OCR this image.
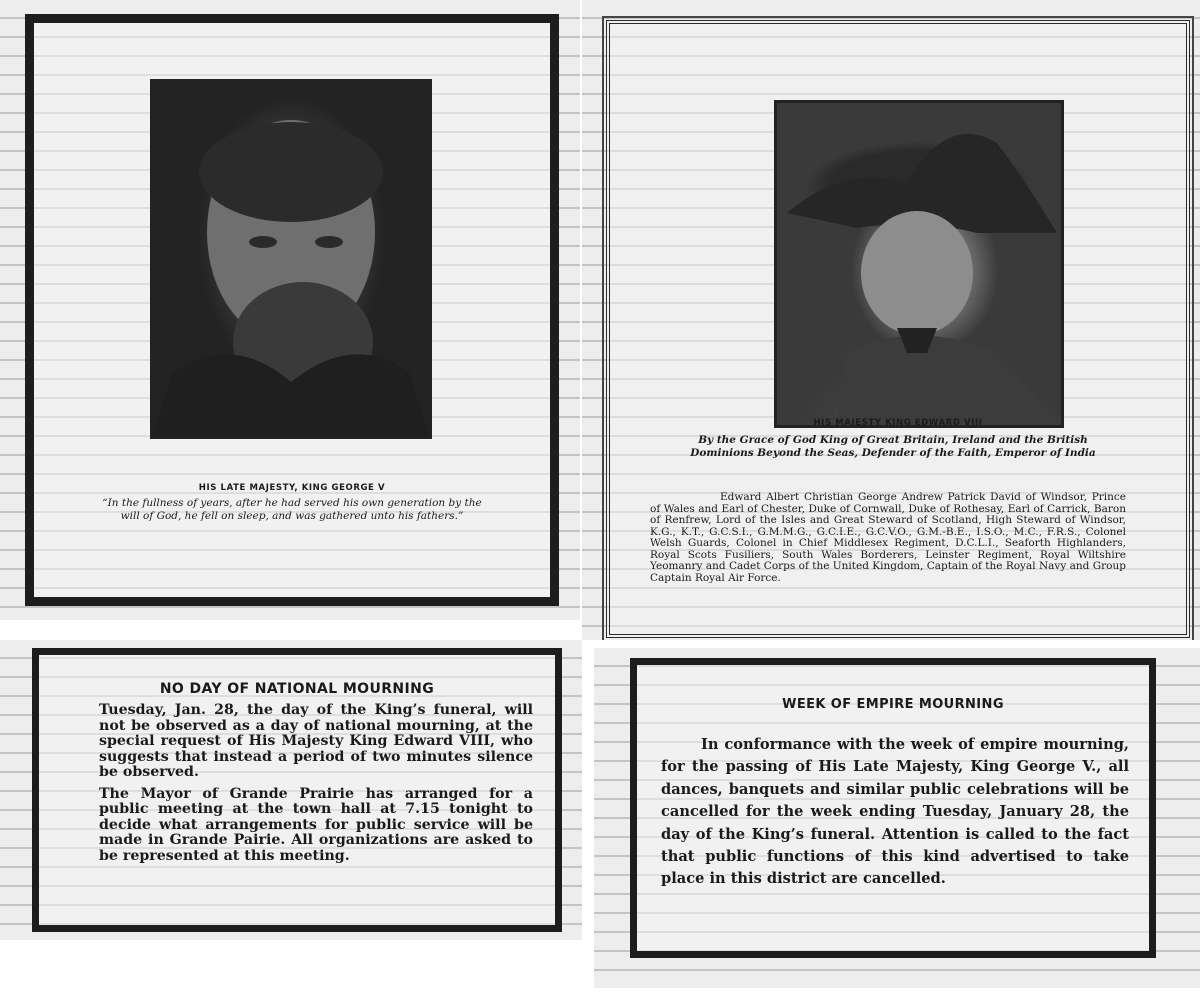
HIS LATE MAJESTY, KING GEORGE V
“In the fullness of years, after he had served his own generation by the will of God, he fell on sleep, and was gathered unto his fathers.”
HIS MAJESTY KING EDWARD VIII
By the Grace of God King of Great Britain, Ireland and the British Dominions Beyond the Seas, Defender of the Faith, Emperor of India
Edward Albert Christian George Andrew Patrick David of Windsor, Prince of Wales and Earl of Chester, Duke of Cornwall, Duke of Rothesay, Earl of Carrick, Baron of Renfrew, Lord of the Isles and Great Steward of Scotland, High Steward of Windsor, K.G., K.T., G.C.S.I., G.M.M.G., G.C.I.E., G.C.V.O., G.M.-B.E., I.S.O., M.C., F.R.S., Colonel Welsh Guards, Colonel in Chief Middlesex Regiment, D.C.L.I., Seaforth Highlanders, Royal Scots Fusiliers, South Wales Borderers, Leinster Regiment, Royal Wiltshire Yeomanry and Cadet Corps of the United Kingdom, Captain of the Royal Navy and Group Captain Royal Air Force.
NO DAY OF NATIONAL MOURNING

Tuesday, Jan. 28, the day of the King’s funeral, will not be observed as a day of national mourning, at the special request of His Majesty King Edward VIII, who suggests that instead a period of two minutes silence be observed.

The Mayor of Grande Prairie has arranged for a public meeting at the town hall at 7.15 tonight to decide what arrangements for public service will be made in Grande Pairie. All organizations are asked to be represented at this meeting.

WEEK OF EMPIRE MOURNING
In conformance with the week of empire mourning, for the passing of His Late Majesty, King George V., all dances, banquets and similar public celebrations will be cancelled for the week ending Tuesday, January 28, the day of the King’s funeral. Attention is called to the fact that public functions of this kind advertised to take place in this district are cancelled.
